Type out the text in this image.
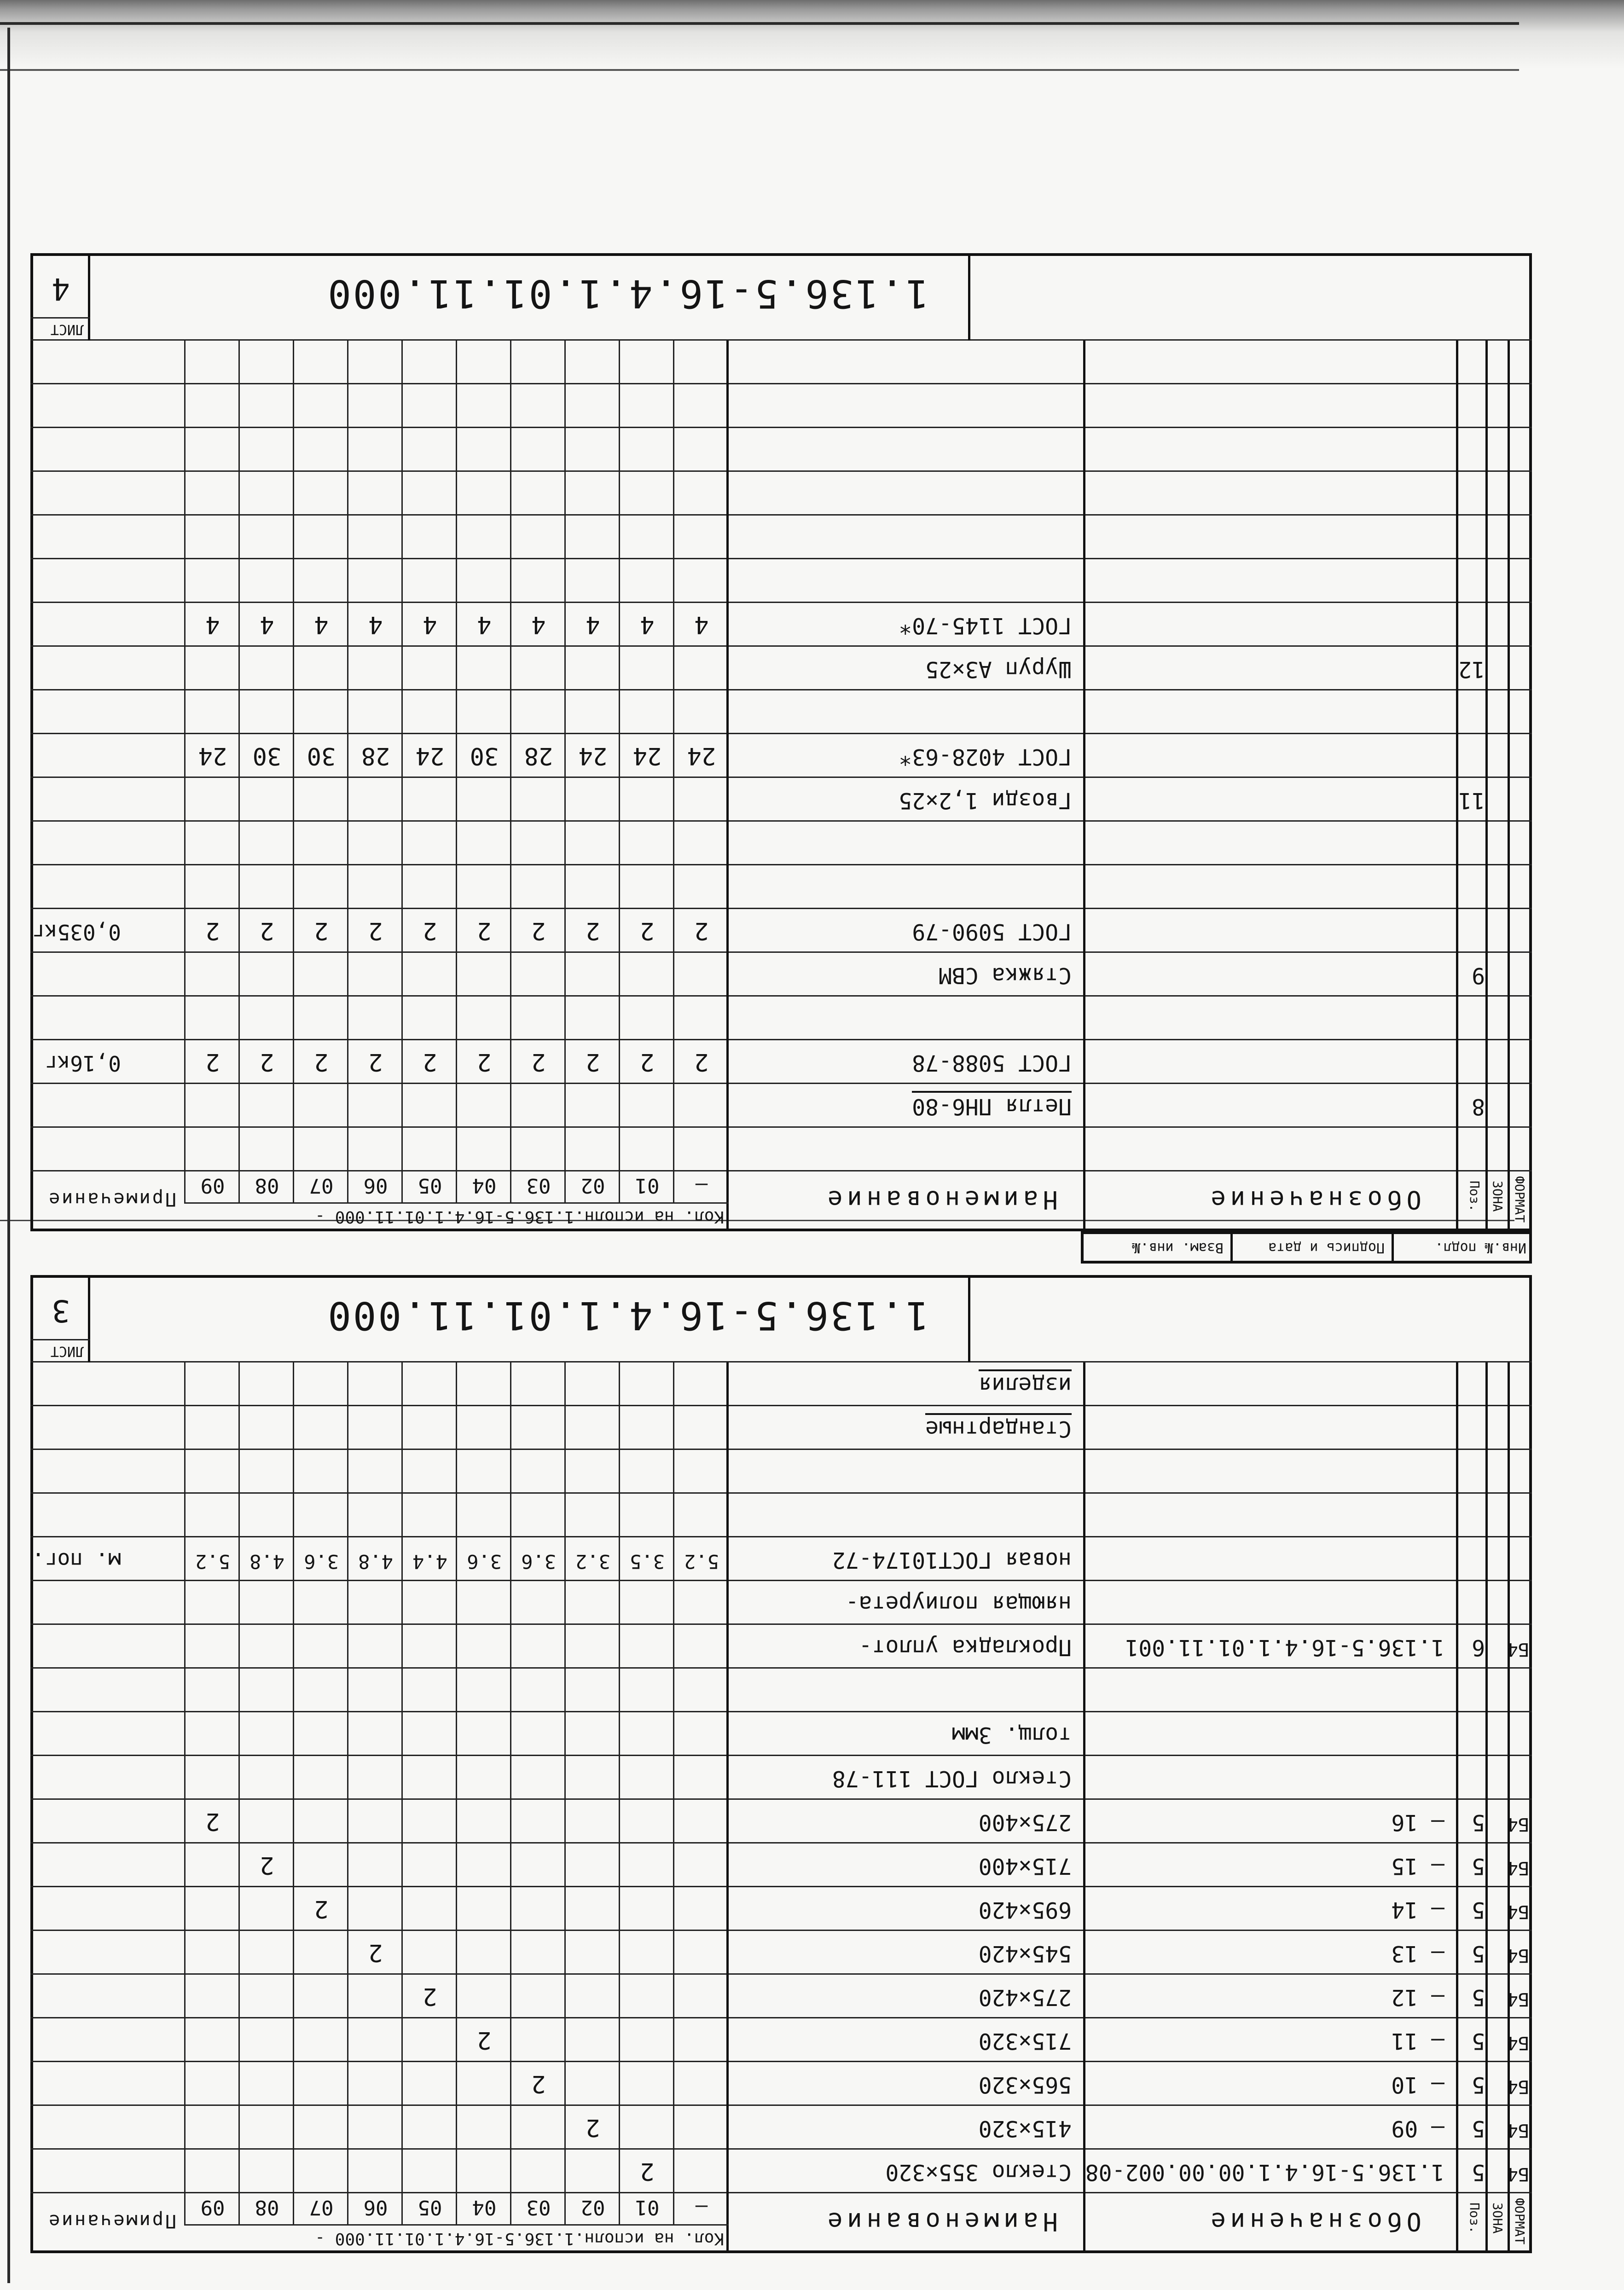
ФОРМАТ
ЗОНА
Поз.
Обозначение
Наименование
Кол. на исполн.1.136.5-16.4.1.01.11.000 -
—
01
02
03
04
05
06
07
08
09
Примечание
Б4
5
1.136.5-16.4.1.00.00.002-08
Стекло 355×320
2
Б4
5
– 09
415×320
2
Б4
5
– 10
565×320
2
Б4
5
– 11
715×320
2
Б4
5
– 12
275×420
2
Б4
5
– 13
545×420
2
Б4
5
– 14
695×420
2
Б4
5
– 15
715×400
2
Б4
5
– 16
275×400
2
Стекло ГОСТ 111-78
толщ. 3мм
Б4
6
1.136.5-16.4.1.01.11.001
Прокладка уплот-
няющая полиурета-
новая ГОСТ10174-72
5.2
3.5
3.2
3.6
3.6
4.4
4.8
3.6
4.8
5.2
м. пог.
Стандартные
изделия
1.136.5-16.4.1.01.11.000
ЛИСТ
3
ФОРМАТ
ЗОНА
Поз.
Обозначение
Наименование
Кол. на исполн.1.136.5-16.4.1.01.11.000 -
—
01
02
03
04
05
06
07
08
09
Примечание
8
Петля ПН6-80
ГОСТ 5088-78
2
2
2
2
2
2
2
2
2
2
0,16кг
9
Стяжка СВМ
ГОСТ 5090-79
2
2
2
2
2
2
2
2
2
2
0,035кг
11
Гвозди 1,2×25
ГОСТ 4028-63*
24
24
24
28
30
24
28
30
30
24
12
Шуруп А3×25
ГОСТ 1145-70*
4
4
4
4
4
4
4
4
4
4
1.136.5-16.4.1.01.11.000
ЛИСТ
4
Инв.№ подл.
Подпись и дата
Взам. инв.№
